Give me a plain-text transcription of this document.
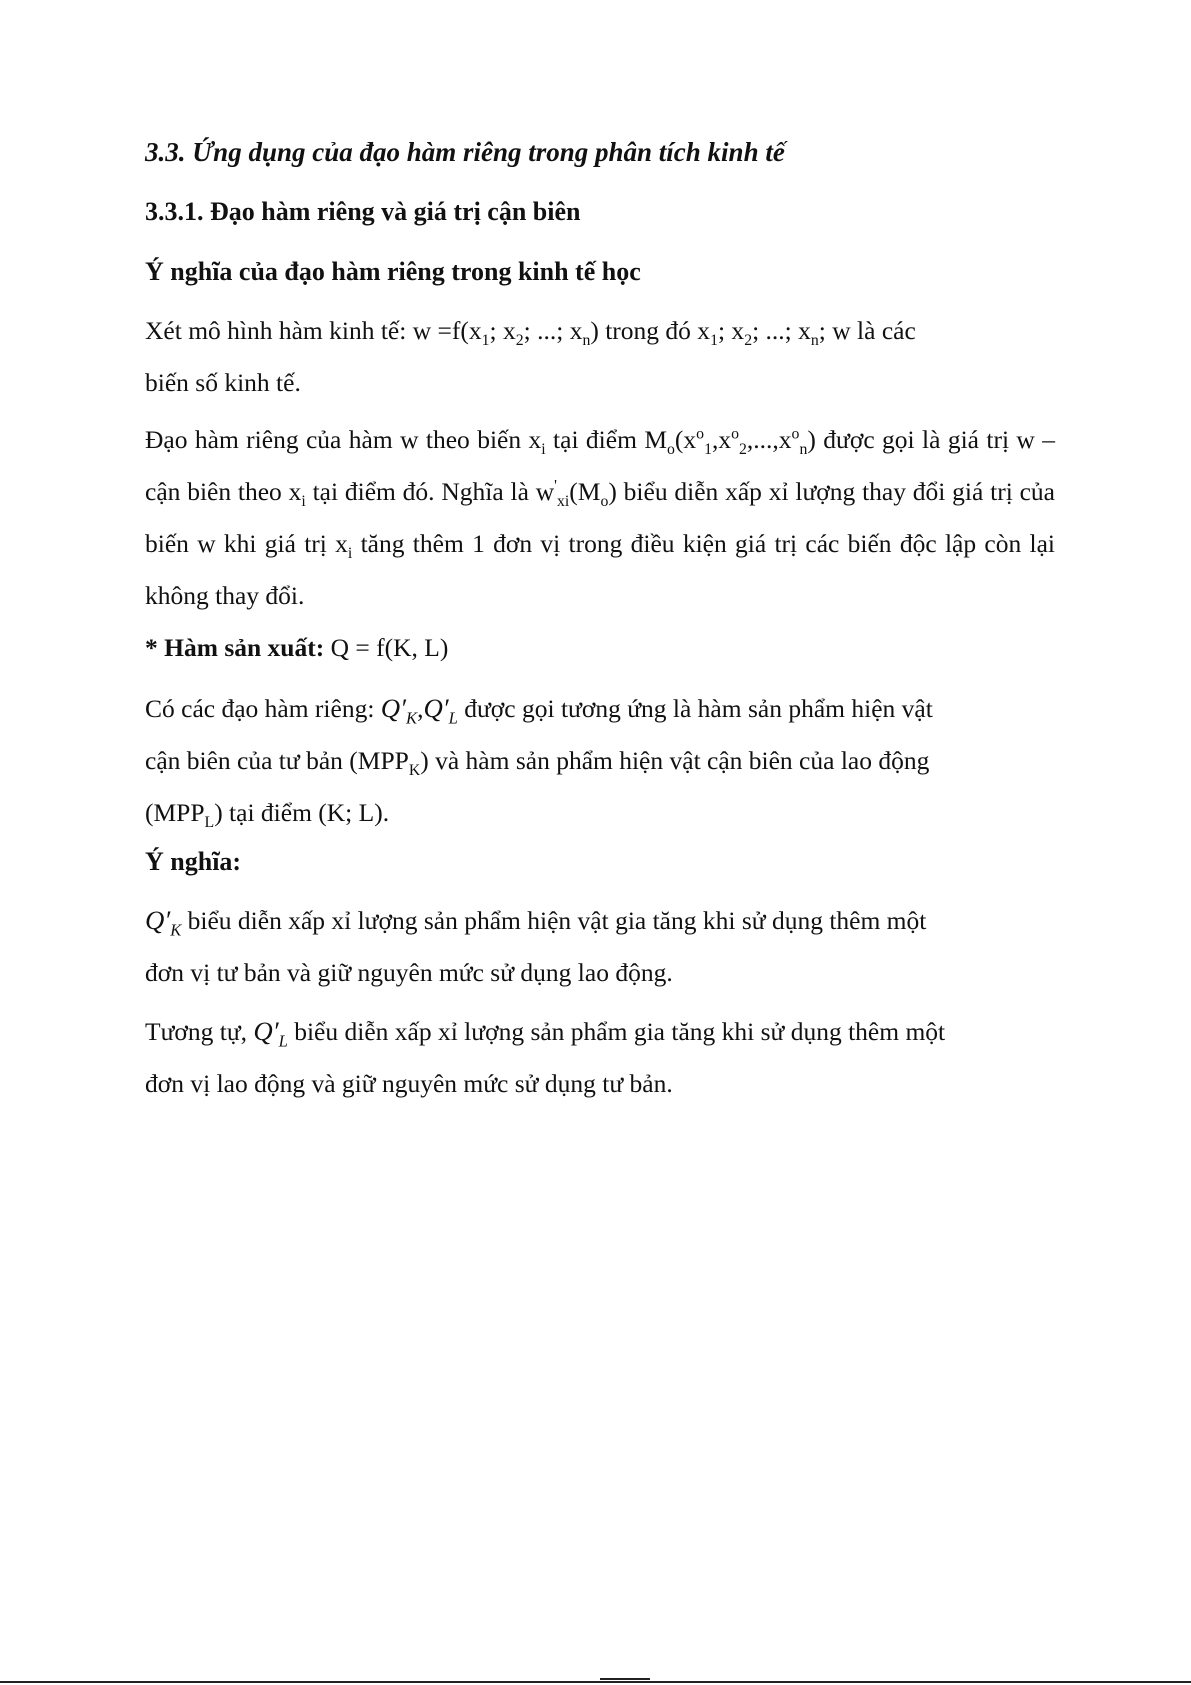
3.3. Ứng dụng của đạo hàm riêng trong phân tích kinh tế

3.3.1. Đạo hàm riêng và giá trị cận biên

Ý nghĩa của đạo hàm riêng trong kinh tế học

Xét mô hình hàm kinh tế: $w =f(x_1$; $x_2$; ...; $x_n$) trong đó $x_1$; $x_2$; ...; $x_n$; w là các biến số kinh tế.

Đạo hàm riêng của hàm w theo biến $x_i$ tại điểm $M_o(x^o_1,x^o_2,...,x^o_n)$ được gọi là giá trị w – cận biên theo $x_i$ tại điểm đó. Nghĩa là $w'_{xi}(M_o)$ biểu diễn xấp xỉ lượng thay đổi giá trị của biến w khi giá trị $x_i$ tăng thêm 1 đơn vị trong điều kiện giá trị các biến độc lập còn lại không thay đổi.

* Hàm sản xuất: Q = f(K, L)

Có các đạo hàm riêng: $Q'_K,Q'_L$ được gọi tương ứng là hàm sản phẩm hiện vật cận biên của tư bản $(MPP_K)$ và hàm sản phẩm hiện vật cận biên của lao động $(MPP_L)$ tại điểm (K; L).

Ý nghĩa:

$Q'_K$ biểu diễn xấp xỉ lượng sản phẩm hiện vật gia tăng khi sử dụng thêm một đơn vị tư bản và giữ nguyên mức sử dụng lao động.

Tương tự, $Q'_L$ biểu diễn xấp xỉ lượng sản phẩm gia tăng khi sử dụng thêm một đơn vị lao động và giữ nguyên mức sử dụng tư bản.
